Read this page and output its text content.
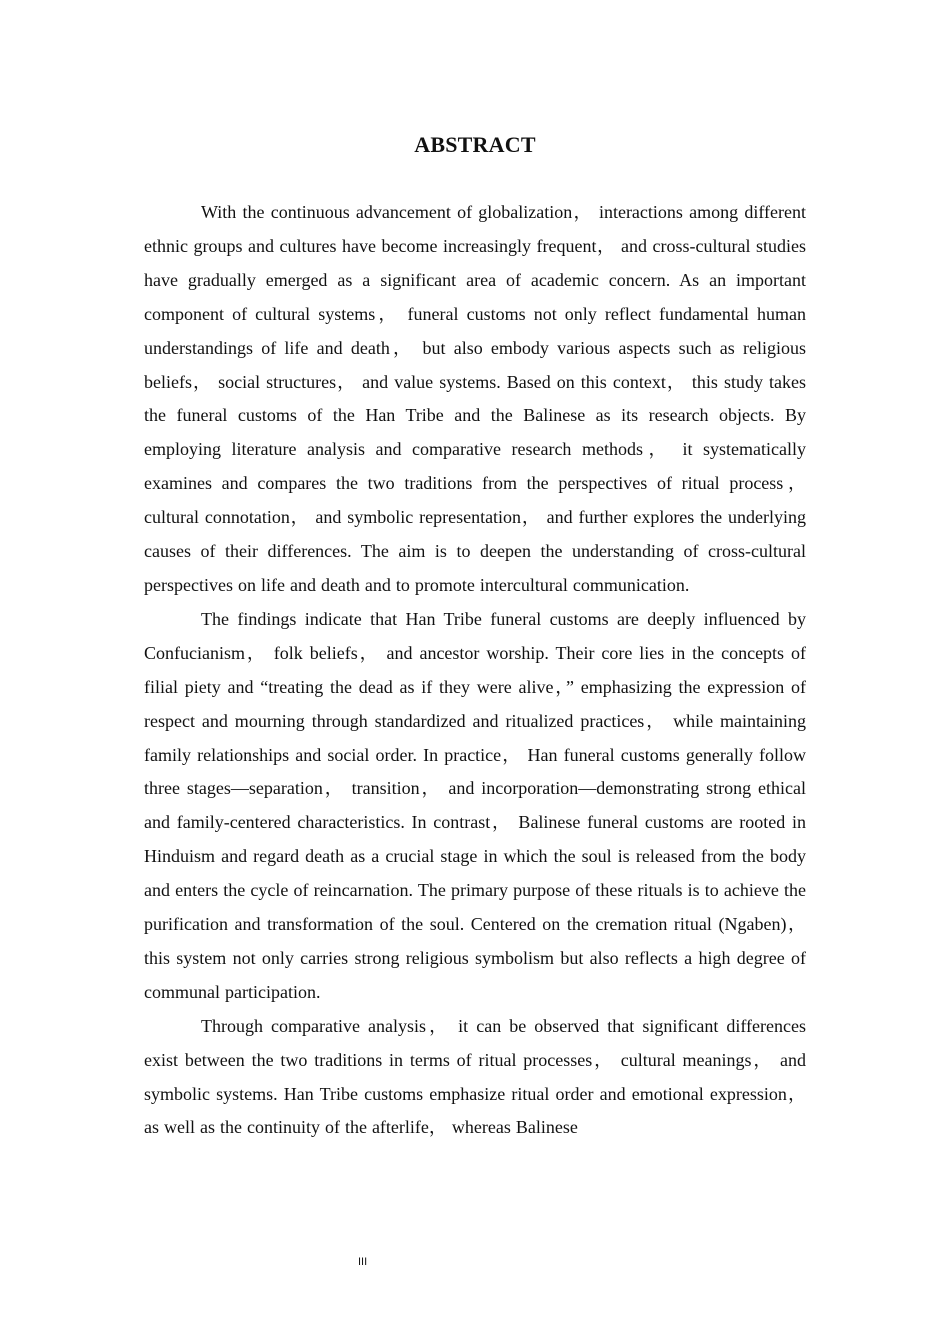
ABSTRACT

With the continuous advancement of globalization， interactions among different ethnic groups and cultures have become increasingly frequent， and cross-cultural studies have gradually emerged as a significant area of academic concern. As an important component of cultural systems， funeral customs not only reflect fundamental human understandings of life and death， but also embody various aspects such as religious beliefs， social structures， and value systems. Based on this context， this study takes the funeral customs of the Han Tribe and the Balinese as its research objects. By employing literature analysis and comparative research methods， it systematically examines and compares the two traditions from the perspectives of ritual process， cultural connotation， and symbolic representation， and further explores the underlying causes of their differences. The aim is to deepen the understanding of cross-cultural perspectives on life and death and to promote intercultural communication.

The findings indicate that Han Tribe funeral customs are deeply influenced by Confucianism， folk beliefs， and ancestor worship. Their core lies in the concepts of filial piety and “treating the dead as if they were alive，” emphasizing the expression of respect and mourning through standardized and ritualized practices， while maintaining family relationships and social order. In practice， Han funeral customs generally follow three stages—separation， transition， and incorporation—demonstrating strong ethical and family-centered characteristics. In contrast， Balinese funeral customs are rooted in Hinduism and regard death as a crucial stage in which the soul is released from the body and enters the cycle of reincarnation. The primary purpose of these rituals is to achieve the purification and transformation of the soul. Centered on the cremation ritual (Ngaben)， this system not only carries strong religious symbolism but also reflects a high degree of communal participation.

Through comparative analysis， it can be observed that significant differences exist between the two traditions in terms of ritual processes， cultural meanings， and symbolic systems. Han Tribe customs emphasize ritual order and emotional expression， as well as the continuity of the afterlife， whereas Balinese

III
